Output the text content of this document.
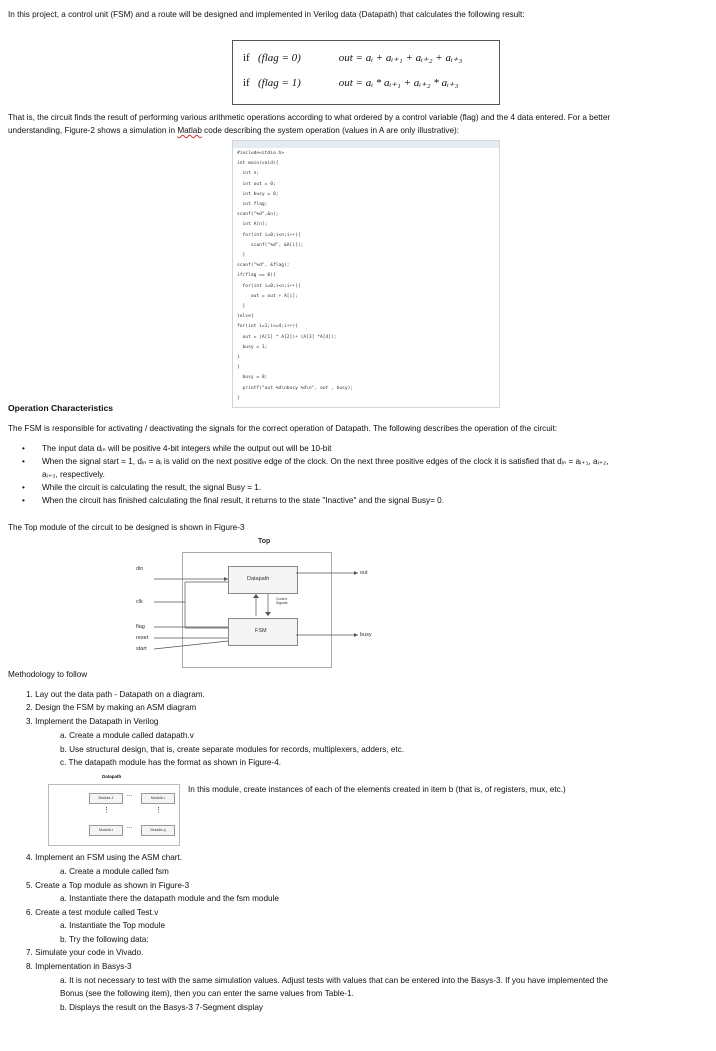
In this project, a control unit (FSM) and a route will be designed and implemented in Verilog data (Datapath) that calculates the following result:
if (flag = 0)	out = aᵢ + aᵢ₊₁ + aᵢ₊₂ + aᵢ₊₃
if (flag = 1)	out = aᵢ * aᵢ₊₁ + aᵢ₊₂ * aᵢ₊₃
That is, the circuit finds the result of performing various arithmetic operations according to what ordered by a control variable (flag) and the 4 data entered. For a better
understanding, Figure-2 shows a simulation in Matlab code describing the system operation (values in A are only illustrative):
#include<stdio.h>
int main(void){
int n;
int out = 0;
int busy = 0;
int flag;
scanf("%d",&n);
int A[n];
for(int i=0;i<n;i++){
scanf("%d", &A[i]);
}
scanf("%d", &flag);
if(flag == 0){
for(int i=0;i<n;i++){
out = out + A[i];
}
}else{
for(int i=1;i<=4;i++){
out = (A[1] * A[2])+ (A[3] *A[4]);
busy = 1;
}
}
busy = 0;
printf("out %d\nbusy %d\n", out , busy);
}
Operation Characteristics
The FSM is responsible for activating / deactivating the signals for the correct operation of Datapath. The following describes the operation of the circuit:
• The input data dᵢₙ will be positive 4-bit integers while the output out will be 10-bit
• When the signal start = 1, dᵢₙ = aᵢ is valid on the next positive edge of the clock. On the next three positive edges of the clock it is satisfied that dᵢₙ = aᵢ₊₁, aᵢ₊₂,
aᵢ₊₃, respectively.
• While the circuit is calculating the result, the signal Busy = 1.
• When the circuit has finished calculating the final result, it returns to the state "Inactive" and the signal Busy= 0.
The Top module of the circuit to be designed is shown in Figure-3
Top
Datapath
FSM
Control Signals
din
clk
flag
reset
start
out
busy
Methodology to follow
1. Lay out the data path - Datapath on a diagram.
2. Design the FSM by making an ASM diagram
3. Implement the Datapath in Verilog
a. Create a module called datapath.v
b. Use structural design, that is, create separate modules for records, multiplexers, adders, etc.
c. The datapath module has the format as shown in Figure-4.
Datapath
Module-1	...	Module-r
⋮	⋮
Module-r	...	Module-q
In this module, create instances of each of the elements created in item b (that is, of registers, mux, etc.)
4. Implement an FSM using the ASM chart.
a. Create a module called fsm
5. Create a Top module as shown in Figure-3
a. Instantiate there the datapath module and the fsm module
6. Create a test module called Test.v
a. Instantiate the Top module
b. Try the following data:
7. Simulate your code in Vivado.
8. Implementation in Basys-3
a. It is not necessary to test with the same simulation values. Adjust tests with values that can be entered into the Basys-3. If you have implemented the
Bonus (see the following item), then you can enter the same values from Table-1.
b. Displays the result on the Basys-3 7-Segment display
